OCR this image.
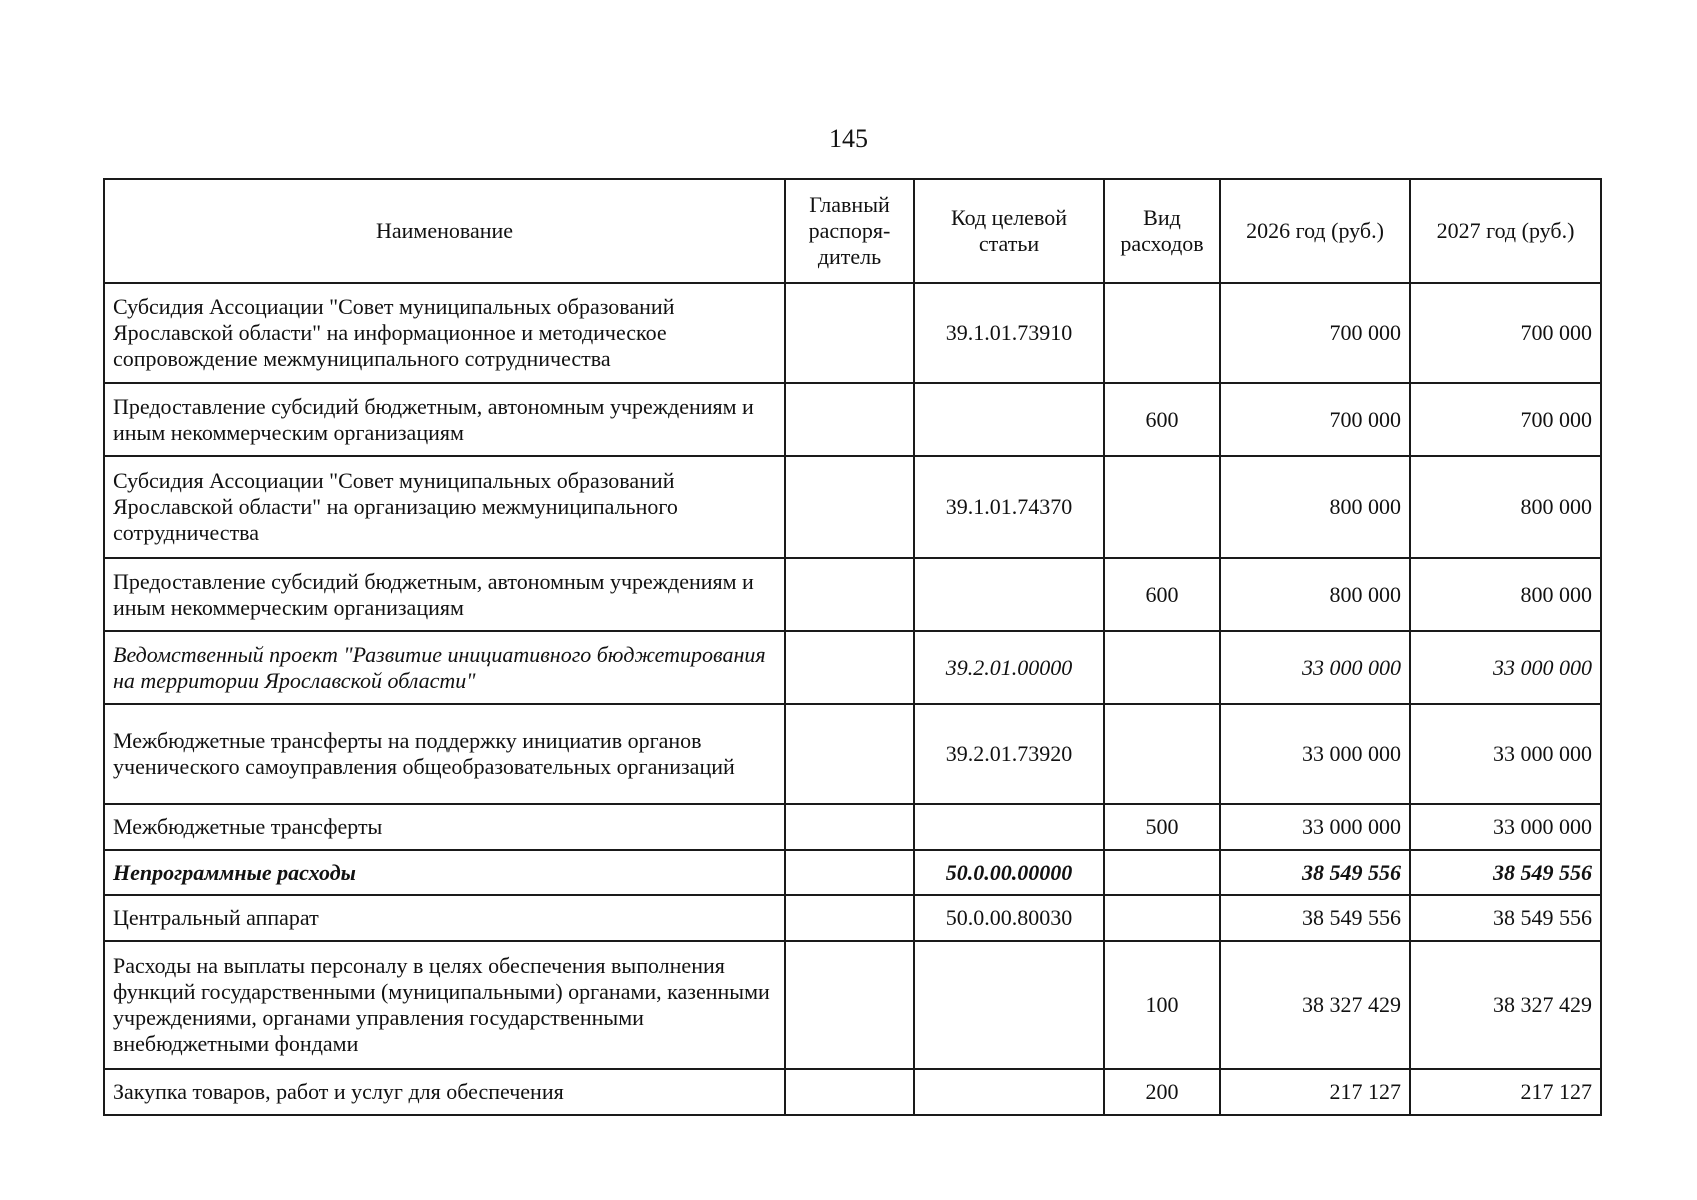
145
Наименование	Главный распоря-дитель	Код целевой статьи	Вид расходов	2026 год (руб.)	2027 год (руб.)
Субсидия Ассоциации "Совет муниципальных образований Ярославской области" на информационное и методическое сопровождение межмуниципального сотрудничества		39.1.01.73910		700 000	700 000
Предоставление субсидий бюджетным, автономным учреждениям и иным некоммерческим организациям			600	700 000	700 000
Субсидия Ассоциации "Совет муниципальных образований Ярославской области" на организацию межмуниципального сотрудничества		39.1.01.74370		800 000	800 000
Предоставление субсидий бюджетным, автономным учреждениям и иным некоммерческим организациям			600	800 000	800 000
Ведомственный проект "Развитие инициативного бюджетирования на территории Ярославской области"		39.2.01.00000		33 000 000	33 000 000
Межбюджетные трансферты на поддержку инициатив органов ученического самоуправления общеобразовательных организаций		39.2.01.73920		33 000 000	33 000 000
Межбюджетные трансферты			500	33 000 000	33 000 000
Непрограммные расходы		50.0.00.00000		38 549 556	38 549 556
Центральный аппарат		50.0.00.80030		38 549 556	38 549 556
Расходы на выплаты персоналу в целях обеспечения выполнения функций государственными (муниципальными) органами, казенными учреждениями, органами управления государственными внебюджетными фондами			100	38 327 429	38 327 429
Закупка товаров, работ и услуг для обеспечения			200	217 127	217 127
